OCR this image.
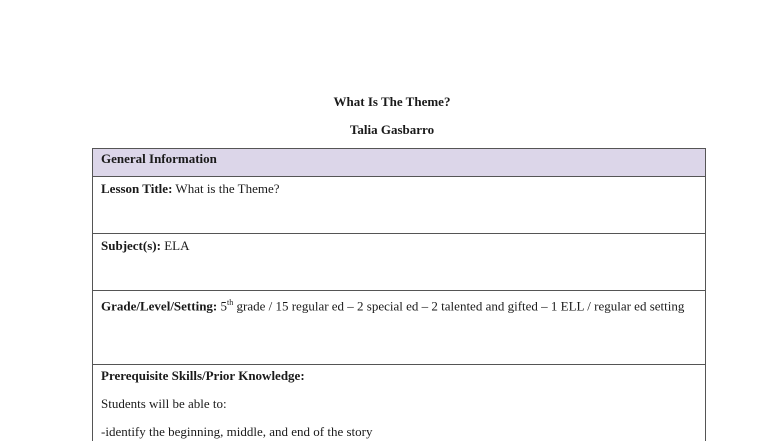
What Is The Theme?
Talia Gasbarro
General Information
Lesson Title: What is the Theme?
Subject(s): ELA
Grade/Level/Setting: 5th grade / 15 regular ed – 2 special ed – 2 talented and gifted – 1 ELL / regular ed setting

Prerequisite Skills/Prior Knowledge:
Students will be able to:
-identify the beginning, middle, and end of the story
